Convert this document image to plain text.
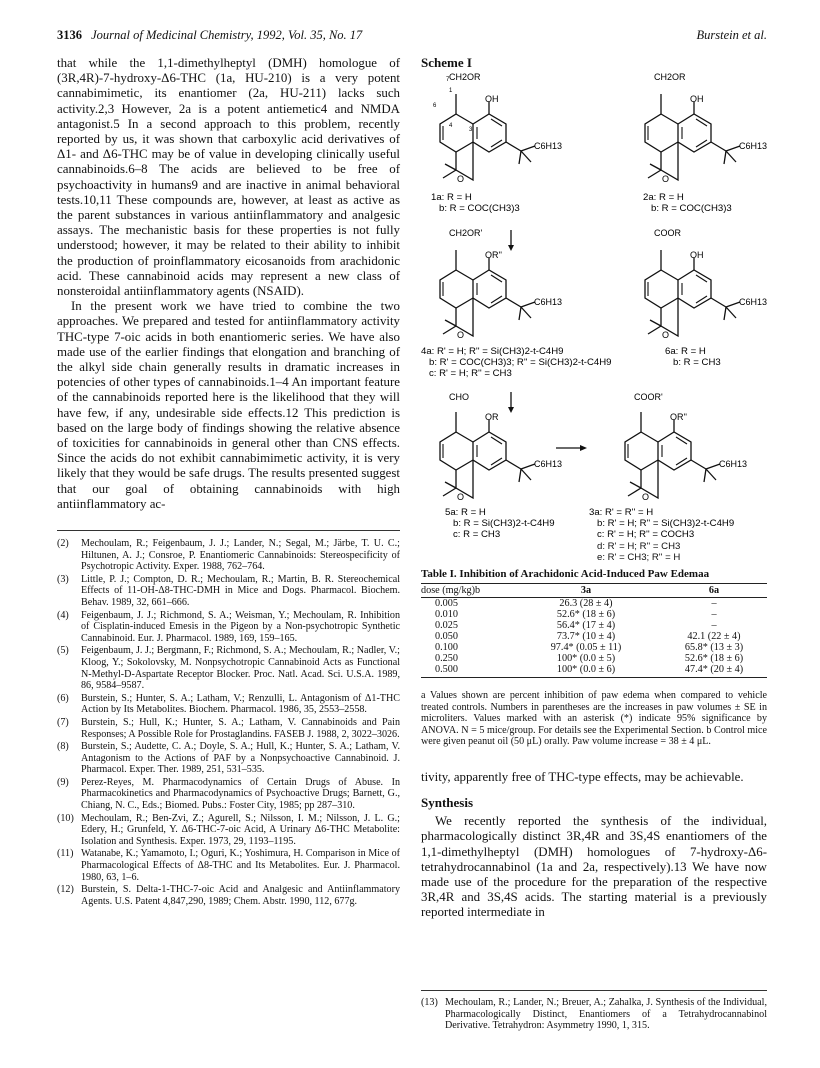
3136 Journal of Medicinal Chemistry, 1992, Vol. 35, No. 17	Burstein et al.

that while the 1,1-dimethylheptyl (DMH) homologue of (3R,4R)-7-hydroxy-Δ6-THC (1a, HU-210) is a very potent cannabimimetic, its enantiomer (2a, HU-211) lacks such activity.2,3 However, 2a is a potent antiemetic4 and NMDA antagonist.5 In a second approach to this problem, recently reported by us, it was shown that carboxylic acid derivatives of Δ1- and Δ6-THC may be of value in developing clinically useful cannabinoids.6–8 The acids are believed to be free of psychoactivity in humans9 and are inactive in animal behavioral tests.10,11 These compounds are, however, at least as active as the parent substances in various antiinflammatory and analgesic assays. The mechanistic basis for these properties is not fully understood; however, it may be related to their ability to inhibit the production of proinflammatory eicosanoids from arachidonic acid. These cannabinoid acids may represent a new class of nonsteroidal antiinflammatory agents (NSAID).

In the present work we have tried to combine the two approaches. We prepared and tested for antiinflammatory activity THC-type 7-oic acids in both enantiomeric series. We have also made use of the earlier findings that elongation and branching of the alkyl side chain generally results in dramatic increases in potencies of other types of cannabinoids.1–4 An important feature of the cannabinoids reported here is the likelihood that they will have few, if any, undesirable side effects.12 This prediction is based on the large body of findings showing the relative absence of toxicities for cannabinoids in general other than CNS effects. Since the acids do not exhibit cannabimimetic activity, it is very likely that they would be safe drugs. The results presented suggest that our goal of obtaining cannabinoids with high antiinflammatory ac-

(2)	Mechoulam, R.; Feigenbaum, J. J.; Lander, N.; Segal, M.; Järbe, T. U. C.; Hiltunen, A. J.; Consroe, P. Enantiomeric Cannabinoids: Stereospecificity of Psychotropic Activity. Exper. 1988, 762–764.
(3)	Little, P. J.; Compton, D. R.; Mechoulam, R.; Martin, B. R. Stereochemical Effects of 11-OH-Δ8-THC-DMH in Mice and Dogs. Pharmacol. Biochem. Behav. 1989, 32, 661–666.
(4)	Feigenbaum, J. J.; Richmond, S. A.; Weisman, Y.; Mechoulam, R. Inhibition of Cisplatin-induced Emesis in the Pigeon by a Non-psychotropic Synthetic Cannabinoid. Eur. J. Pharmacol. 1989, 169, 159–165.
(5)	Feigenbaum, J. J.; Bergmann, F.; Richmond, S. A.; Mechoulam, R.; Nadler, V.; Kloog, Y.; Sokolovsky, M. Nonpsychotropic Cannabinoid Acts as Functional N-Methyl-D-Aspartate Receptor Blocker. Proc. Natl. Acad. Sci. U.S.A. 1989, 86, 9584–9587.
(6)	Burstein, S.; Hunter, S. A.; Latham, V.; Renzulli, L. Antagonism of Δ1-THC Action by Its Metabolites. Biochem. Pharmacol. 1986, 35, 2553–2558.
(7)	Burstein, S.; Hull, K.; Hunter, S. A.; Latham, V. Cannabinoids and Pain Responses; A Possible Role for Prostaglandins. FASEB J. 1988, 2, 3022–3026.
(8)	Burstein, S.; Audette, C. A.; Doyle, S. A.; Hull, K.; Hunter, S. A.; Latham, V. Antagonism to the Actions of PAF by a Nonpsychoactive Cannabinoid. J. Pharmacol. Exper. Ther. 1989, 251, 531–535.
(9)	Perez-Reyes, M. Pharmacodynamics of Certain Drugs of Abuse. In Pharmacokinetics and Pharmacodynamics of Psychoactive Drugs; Barnett, G., Chiang, N. C., Eds.; Biomed. Pubs.: Foster City, 1985; pp 287–310.
(10) Mechoulam, R.; Ben-Zvi, Z.; Agurell, S.; Nilsson, I. M.; Nilsson, J. L. G.; Edery, H.; Grunfeld, Y. Δ6-THC-7-oic Acid, A Urinary Δ6-THC Metabolite: Isolation and Synthesis. Exper. 1973, 29, 1193–1195.
(11) Watanabe, K.; Yamamoto, I.; Oguri, K.; Yoshimura, H. Comparison in Mice of Pharmacological Effects of Δ8-THC and Its Metabolites. Eur. J. Pharmacol. 1980, 63, 1–6.
(12) Burstein, S. Delta-1-THC-7-oic Acid and Analgesic and Antiinflammatory Agents. U.S. Patent 4,847,290, 1989; Chem. Abstr. 1990, 112, 677g.
Scheme I
CH2OR
7
1
4
3
6
OH
C6H13
O
CH2OR
OH
C6H13
O
1a: R = H
b: R = COC(CH3)3
2a: R = H
b: R = COC(CH3)3
CH2OR'
OR''
C6H13
O
COOR
OH
C6H13
O
4a: R' = H; R'' = Si(CH3)2-t-C4H9
b: R' = COC(CH3)3; R'' = Si(CH3)2-t-C4H9
c: R' = H; R'' = CH3
6a: R = H
b: R = CH3
CHO
OR
C6H13
O
COOR'
OR''
C6H13
O
5a: R = H
b: R = Si(CH3)2-t-C4H9
c: R = CH3
3a: R' = R'' = H
b: R' = H; R'' = Si(CH3)2-t-C4H9
c: R' = H; R'' = COCH3
d: R' = H; R'' = CH3
e: R' = CH3; R'' = H
Table I. Inhibition of Arachidonic Acid-Induced Paw Edemaa
dose (mg/kg)b	3a	6a
0.005	26.3 (28 ± 4)	–
0.010	52.6* (18 ± 6)	–
0.025	56.4* (17 ± 4)	–
0.050	73.7* (10 ± 4)	42.1 (22 ± 4)
0.100	97.4* (0.05 ± 11)	65.8* (13 ± 3)
0.250	100* (0.0 ± 5)	52.6* (18 ± 6)
0.500	100* (0.0 ± 6)	47.4* (20 ± 4)
a Values shown are percent inhibition of paw edema when compared to vehicle treated controls. Numbers in parentheses are the increases in paw volumes ± SE in microliters. Values marked with an asterisk (*) indicate 95% significance by ANOVA. N = 5 mice/group. For details see the Experimental Section. b Control mice were given peanut oil (50 μL) orally. Paw volume increase = 38 ± 4 μL.

tivity, apparently free of THC-type effects, may be achievable.

Synthesis

We recently reported the synthesis of the individual, pharmacologically distinct 3R,4R and 3S,4S enantiomers of the 1,1-dimethylheptyl (DMH) homologues of 7-hydroxy-Δ6-tetrahydrocannabinol (1a and 2a, respectively).13 We have now made use of the procedure for the preparation of the respective 3R,4R and 3S,4S acids. The starting material is a previously reported intermediate in

(13) Mechoulam, R.; Lander, N.; Breuer, A.; Zahalka, J. Synthesis of the Individual, Pharmacologically Distinct, Enantiomers of a Tetrahydrocannabinol Derivative. Tetrahydron: Asymmetry 1990, 1, 315.
